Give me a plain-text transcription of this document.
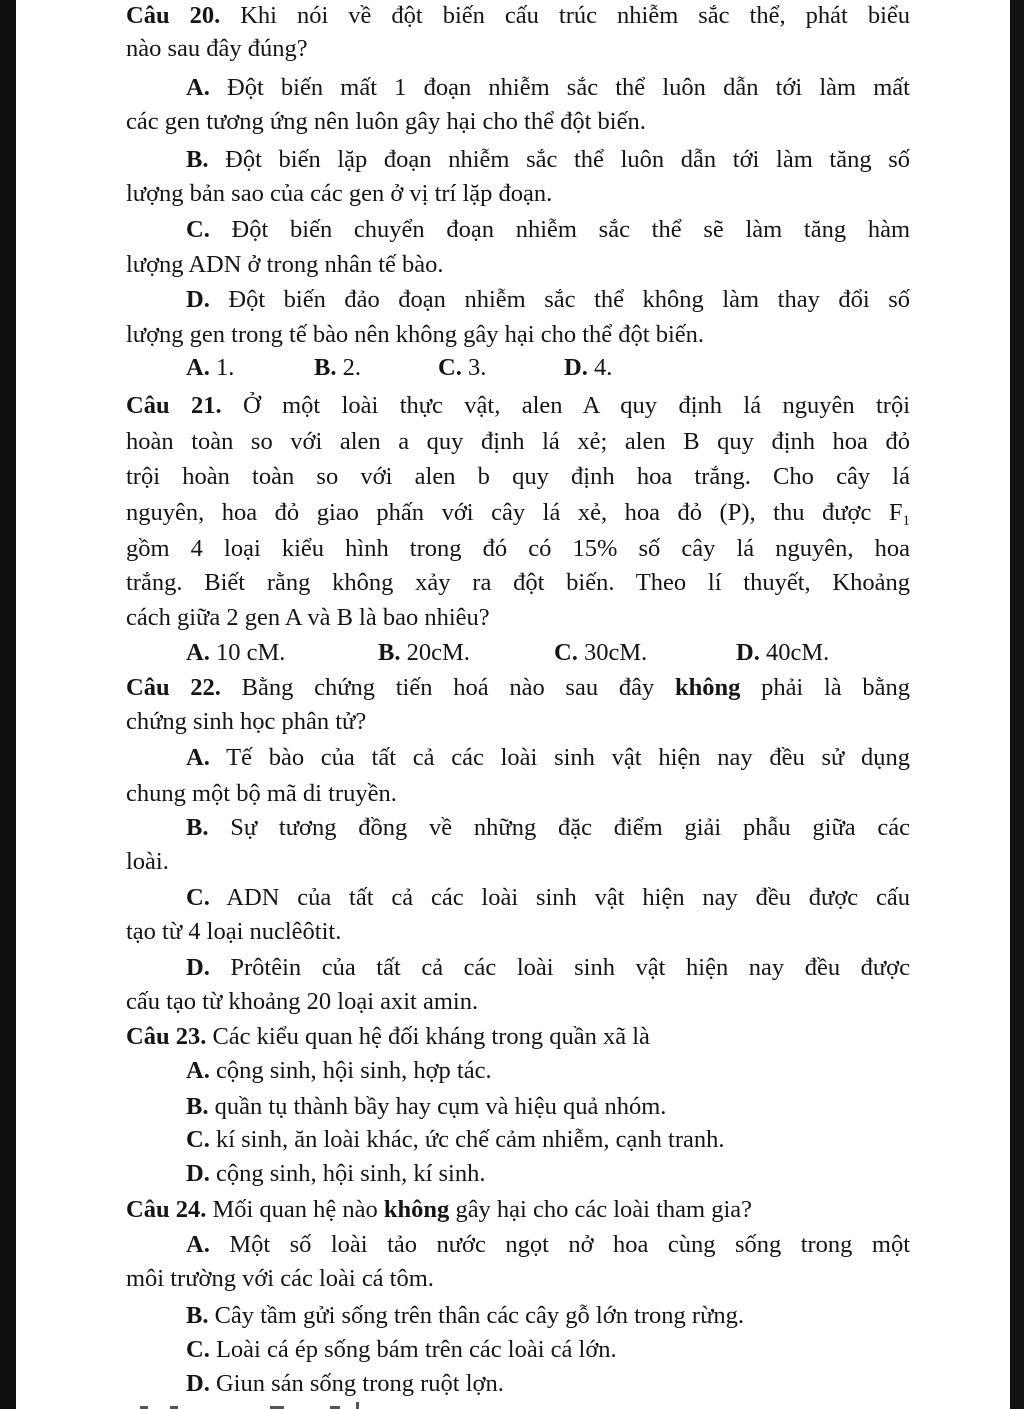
Câu 20. Khi nói về đột biến cấu trúc nhiễm sắc thể, phát biểu
nào sau đây đúng?
A. Đột biến mất 1 đoạn nhiễm sắc thể luôn dẫn tới làm mất
các gen tương ứng nên luôn gây hại cho thể đột biến.
B. Đột biến lặp đoạn nhiễm sắc thể luôn dẫn tới làm tăng số
lượng bản sao của các gen ở vị trí lặp đoạn.
C. Đột biến chuyển đoạn nhiễm sắc thể sẽ làm tăng hàm
lượng ADN ở trong nhân tế bào.
D. Đột biến đảo đoạn nhiễm sắc thể không làm thay đổi số
lượng gen trong tế bào nên không gây hại cho thể đột biến.
A. 1.	B. 2.	C. 3.	D. 4.
Câu 21. Ở một loài thực vật, alen A quy định lá nguyên trội
hoàn toàn so với alen a quy định lá xẻ; alen B quy định hoa đỏ
trội hoàn toàn so với alen b quy định hoa trắng. Cho cây lá
nguyên, hoa đỏ giao phấn với cây lá xẻ, hoa đỏ (P), thu được $F_1$
gồm 4 loại kiểu hình trong đó có 15% số cây lá nguyên, hoa
trắng. Biết rằng không xảy ra đột biến. Theo lí thuyết, Khoảng
cách giữa 2 gen A và B là bao nhiêu?
A. 10 cM.	B. 20cM.	C. 30cM.	D. 40cM.
Câu 22. Bằng chứng tiến hoá nào sau đây không phải là bằng
chứng sinh học phân tử?
A. Tế bào của tất cả các loài sinh vật hiện nay đều sử dụng
chung một bộ mã di truyền.
B. Sự tương đồng về những đặc điểm giải phẫu giữa các
loài.
C. ADN của tất cả các loài sinh vật hiện nay đều được cấu
tạo từ 4 loại nuclêôtit.
D. Prôtêin của tất cả các loài sinh vật hiện nay đều được
cấu tạo từ khoảng 20 loại axit amin.
Câu 23. Các kiểu quan hệ đối kháng trong quần xã là
A. cộng sinh, hội sinh, hợp tác.
B. quần tụ thành bầy hay cụm và hiệu quả nhóm.
C. kí sinh, ăn loài khác, ức chế cảm nhiễm, cạnh tranh.
D. cộng sinh, hội sinh, kí sinh.
Câu 24. Mối quan hệ nào không gây hại cho các loài tham gia?
A. Một số loài tảo nước ngọt nở hoa cùng sống trong một
môi trường với các loài cá tôm.
B. Cây tầm gửi sống trên thân các cây gỗ lớn trong rừng.
C. Loài cá ép sống bám trên các loài cá lớn.
D. Giun sán sống trong ruột lợn.
